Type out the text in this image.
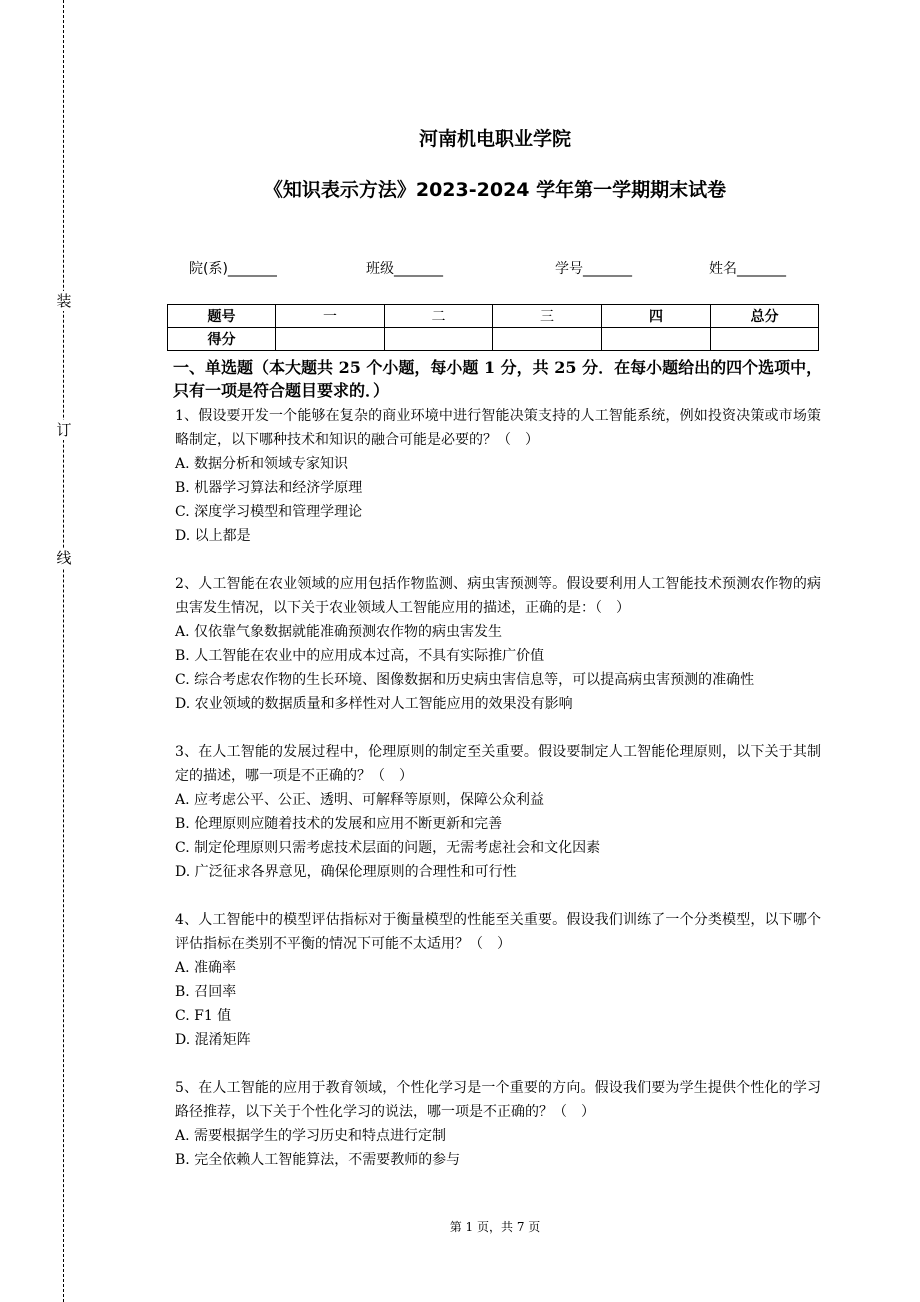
装
订
线
河南机电职业学院
《知识表示方法》2023-2024 学年第一学期期末试卷
院(系)_______	班级_______	学号_______	姓名_______
题号	一	二	三	四	总分
得分					
一、单选题（本大题共 25 个小题，每小题 1 分，共 25 分．在每小题给出的四个选项中，只有一项是符合题目要求的．）
1、假设要开发一个能够在复杂的商业环境中进行智能决策支持的人工智能系统，例如投资决策或市场策略制定，以下哪种技术和知识的融合可能是必要的？（　）
A. 数据分析和领域专家知识
B. 机器学习算法和经济学原理
C. 深度学习模型和管理学理论
D. 以上都是
2、人工智能在农业领域的应用包括作物监测、病虫害预测等。假设要利用人工智能技术预测农作物的病虫害发生情况，以下关于农业领域人工智能应用的描述，正确的是：（　）
A. 仅依靠气象数据就能准确预测农作物的病虫害发生
B. 人工智能在农业中的应用成本过高，不具有实际推广价值
C. 综合考虑农作物的生长环境、图像数据和历史病虫害信息等，可以提高病虫害预测的准确性
D. 农业领域的数据质量和多样性对人工智能应用的效果没有影响
3、在人工智能的发展过程中，伦理原则的制定至关重要。假设要制定人工智能伦理原则，以下关于其制定的描述，哪一项是不正确的？（　）
A. 应考虑公平、公正、透明、可解释等原则，保障公众利益
B. 伦理原则应随着技术的发展和应用不断更新和完善
C. 制定伦理原则只需考虑技术层面的问题，无需考虑社会和文化因素
D. 广泛征求各界意见，确保伦理原则的合理性和可行性
4、人工智能中的模型评估指标对于衡量模型的性能至关重要。假设我们训练了一个分类模型，以下哪个评估指标在类别不平衡的情况下可能不太适用？（　）
A. 准确率
B. 召回率
C. F1 值
D. 混淆矩阵
5、在人工智能的应用于教育领域，个性化学习是一个重要的方向。假设我们要为学生提供个性化的学习路径推荐，以下关于个性化学习的说法，哪一项是不正确的？（　）
A. 需要根据学生的学习历史和特点进行定制
B. 完全依赖人工智能算法，不需要教师的参与
第 1 页，共 7 页
